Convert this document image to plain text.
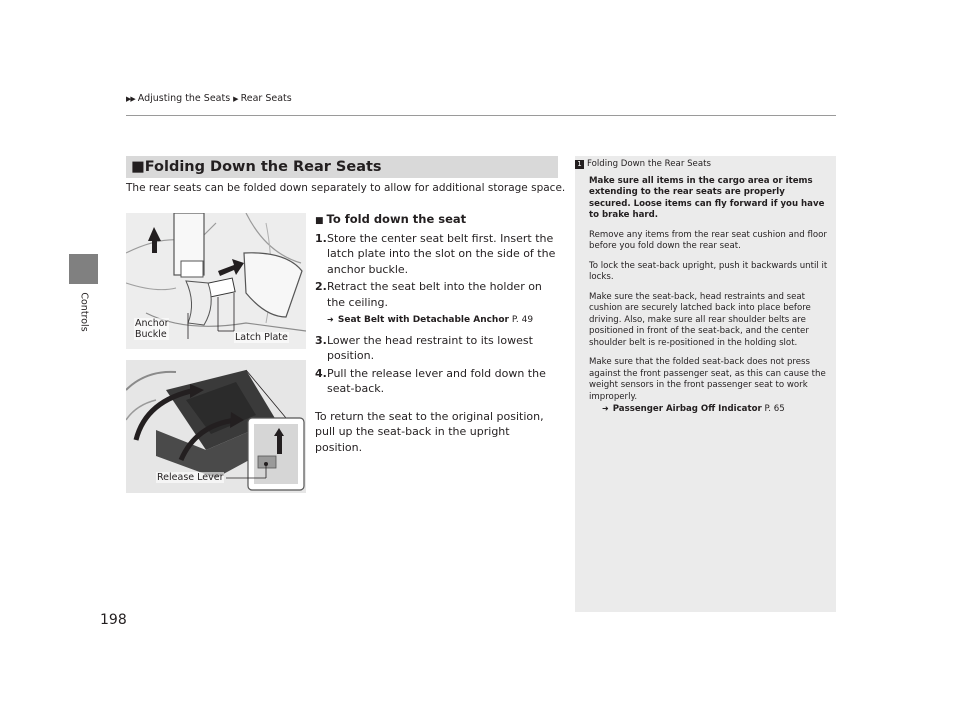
▶▶ Adjusting the Seats ▶ Rear Seats
Controls
198
■Folding Down the Rear Seats
The rear seats can be folded down separately to allow for additional storage space.
Anchor
Buckle	Latch Plate
Release Lever
■ To fold down the seat
1. Store the center seat belt first. Insert the latch plate into the slot on the side of the anchor buckle.
2. Retract the seat belt into the holder on the ceiling.
➜ Seat Belt with Detachable Anchor P. 49
3. Lower the head restraint to its lowest position.
4. Pull the release lever and fold down the seat-back.
To return the seat to the original position, pull up the seat-back in the upright position.
1 Folding Down the Rear Seats

Make sure all items in the cargo area or items extending to the rear seats are properly secured. Loose items can fly forward if you have to brake hard.

Remove any items from the rear seat cushion and floor before you fold down the rear seat.

To lock the seat-back upright, push it backwards until it locks.

Make sure the seat-back, head restraints and seat cushion are securely latched back into place before driving. Also, make sure all rear shoulder belts are positioned in front of the seat-back, and the center shoulder belt is re-positioned in the holding slot.

Make sure that the folded seat-back does not press against the front passenger seat, as this can cause the weight sensors in the front passenger seat to work improperly.

➜ Passenger Airbag Off Indicator P. 65
